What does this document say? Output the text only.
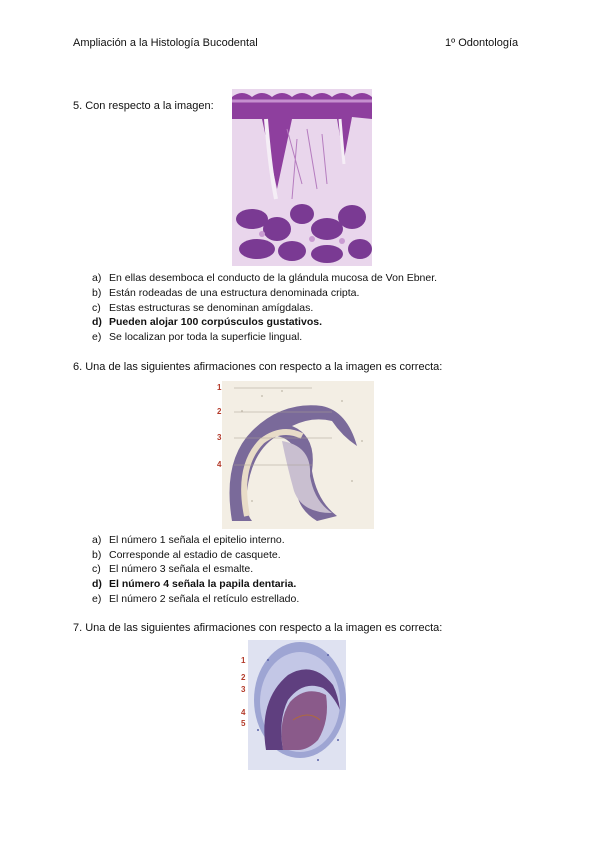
Ampliación a la Histología Bucodental	1º Odontología
5. Con respecto a la imagen:
a) En ellas desemboca el conducto de la glándula mucosa de Von Ebner.
b) Están rodeadas de una estructura denominada cripta.
c) Estas estructuras se denominan amígdalas.
d) Pueden alojar 100 corpúsculos gustativos.
e) Se localizan por toda la superficie lingual.
6. Una de las siguientes afirmaciones con respecto a la imagen es correcta:
1
2
3
4
a) El número 1 señala el epitelio interno.
b) Corresponde al estadio de casquete.
c) El número 3 señala el esmalte.
d) El número 4 señala la papila dentaria.
e) El número 2 señala el retículo estrellado.
7. Una de las siguientes afirmaciones con respecto a la imagen es correcta:
1
2
3
4
5
